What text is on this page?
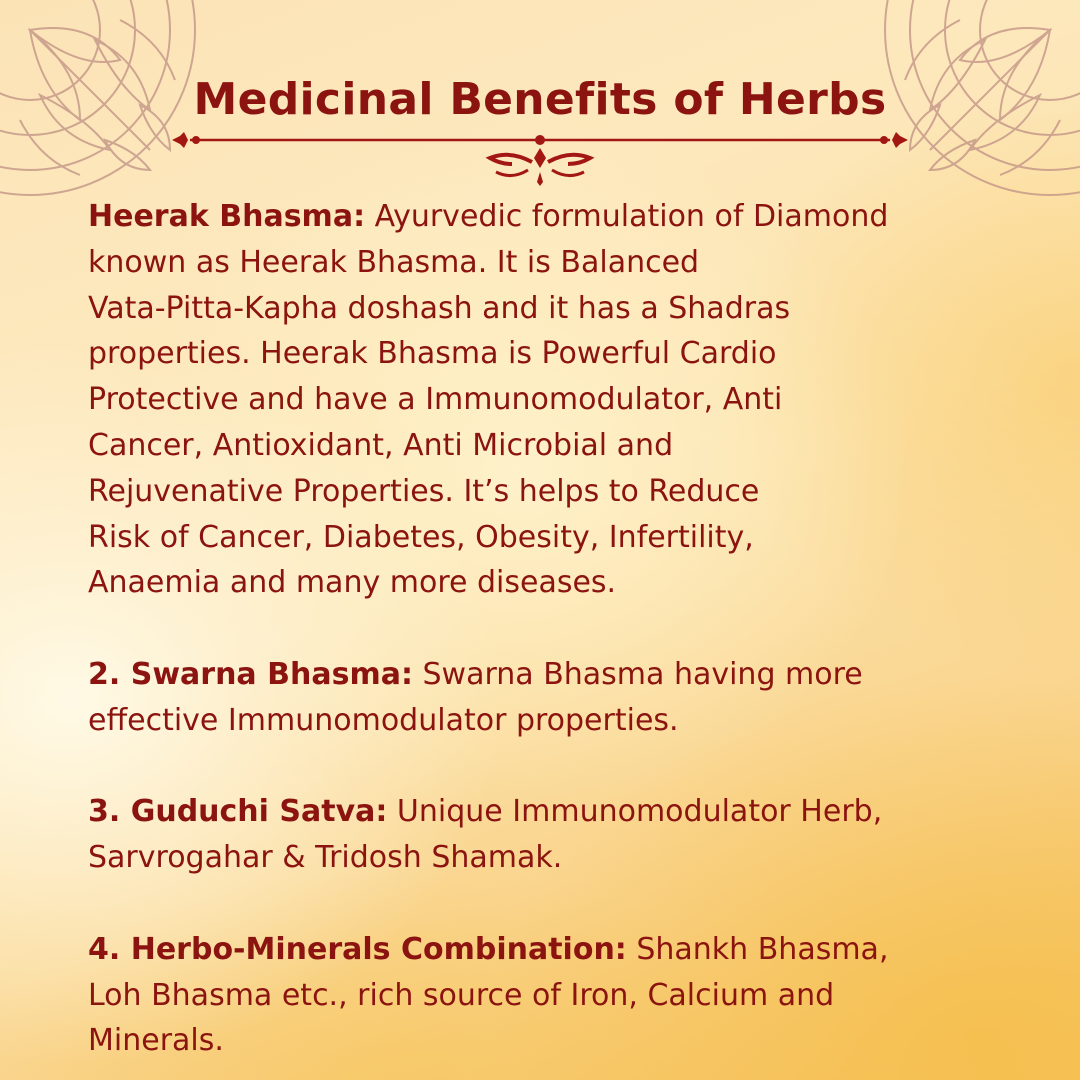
Medicinal Benefits of Herbs

Heerak Bhasma: Ayurvedic formulation of Diamond
known as Heerak Bhasma. It is Balanced
Vata-Pitta-Kapha doshash and it has a Shadras
properties. Heerak Bhasma is Powerful Cardio
Protective and have a Immunomodulator, Anti
Cancer, Antioxidant, Anti Microbial and
Rejuvenative Properties. It’s helps to Reduce
Risk of Cancer, Diabetes, Obesity, Infertility,
Anaemia and many more diseases.

2. Swarna Bhasma: Swarna Bhasma having more
effective Immunomodulator properties.

3. Guduchi Satva: Unique Immunomodulator Herb,
Sarvrogahar & Tridosh Shamak.

4. Herbo-Minerals Combination: Shankh Bhasma,
Loh Bhasma etc., rich source of Iron, Calcium and
Minerals.
